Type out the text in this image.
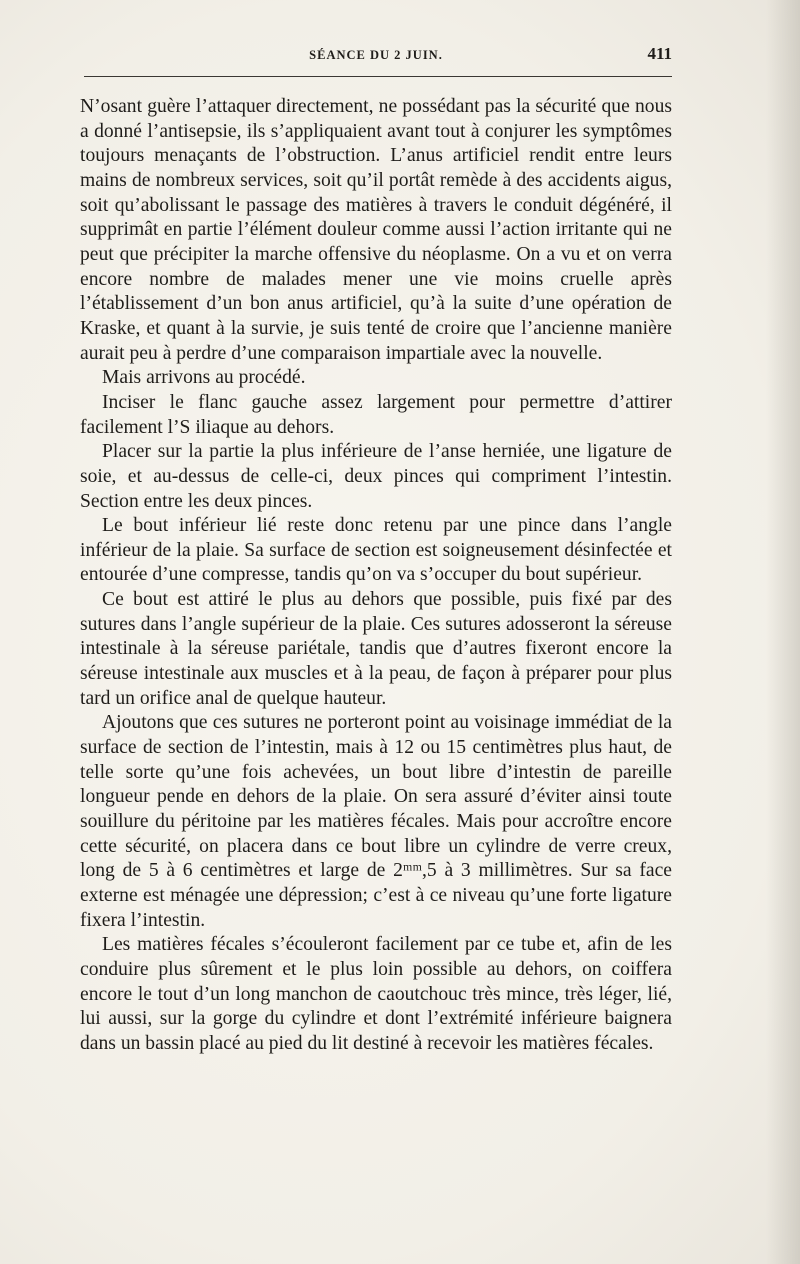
SÉANCE DU 2 JUIN.	411

N’osant guère l’attaquer directement, ne possédant pas la sécurité que nous a donné l’antisepsie, ils s’appliquaient avant tout à conjurer les symptômes toujours menaçants de l’obstruction. L’anus artificiel rendit entre leurs mains de nombreux services, soit qu’il portât remède à des accidents aigus, soit qu’abolissant le passage des matières à travers le conduit dégénéré, il supprimât en partie l’élément douleur comme aussi l’action irritante qui ne peut que précipiter la marche offensive du néoplasme. On a vu et on verra encore nombre de malades mener une vie moins cruelle après l’établissement d’un bon anus artificiel, qu’à la suite d’une opération de Kraske, et quant à la survie, je suis tenté de croire que l’ancienne manière aurait peu à perdre d’une comparaison impartiale avec la nouvelle.

Mais arrivons au procédé.

Inciser le flanc gauche assez largement pour permettre d’attirer facilement l’S iliaque au dehors.

Placer sur la partie la plus inférieure de l’anse herniée, une ligature de soie, et au-dessus de celle-ci, deux pinces qui compriment l’intestin. Section entre les deux pinces.

Le bout inférieur lié reste donc retenu par une pince dans l’angle inférieur de la plaie. Sa surface de section est soigneusement désinfectée et entourée d’une compresse, tandis qu’on va s’occuper du bout supérieur.

Ce bout est attiré le plus au dehors que possible, puis fixé par des sutures dans l’angle supérieur de la plaie. Ces sutures adosseront la séreuse intestinale à la séreuse pariétale, tandis que d’autres fixeront encore la séreuse intestinale aux muscles et à la peau, de façon à préparer pour plus tard un orifice anal de quelque hauteur.

Ajoutons que ces sutures ne porteront point au voisinage immédiat de la surface de section de l’intestin, mais à 12 ou 15 centimètres plus haut, de telle sorte qu’une fois achevées, un bout libre d’intestin de pareille longueur pende en dehors de la plaie. On sera assuré d’éviter ainsi toute souillure du péritoine par les matières fécales. Mais pour accroître encore cette sécurité, on placera dans ce bout libre un cylindre de verre creux, long de 5 à 6 centimètres et large de 2ᵐᵐ,5 à 3 millimètres. Sur sa face externe est ménagée une dépression; c’est à ce niveau qu’une forte ligature fixera l’intestin.

Les matières fécales s’écouleront facilement par ce tube et, afin de les conduire plus sûrement et le plus loin possible au dehors, on coiffera encore le tout d’un long manchon de caoutchouc très mince, très léger, lié, lui aussi, sur la gorge du cylindre et dont l’extrémité inférieure baignera dans un bassin placé au pied du lit destiné à recevoir les matières fécales.
